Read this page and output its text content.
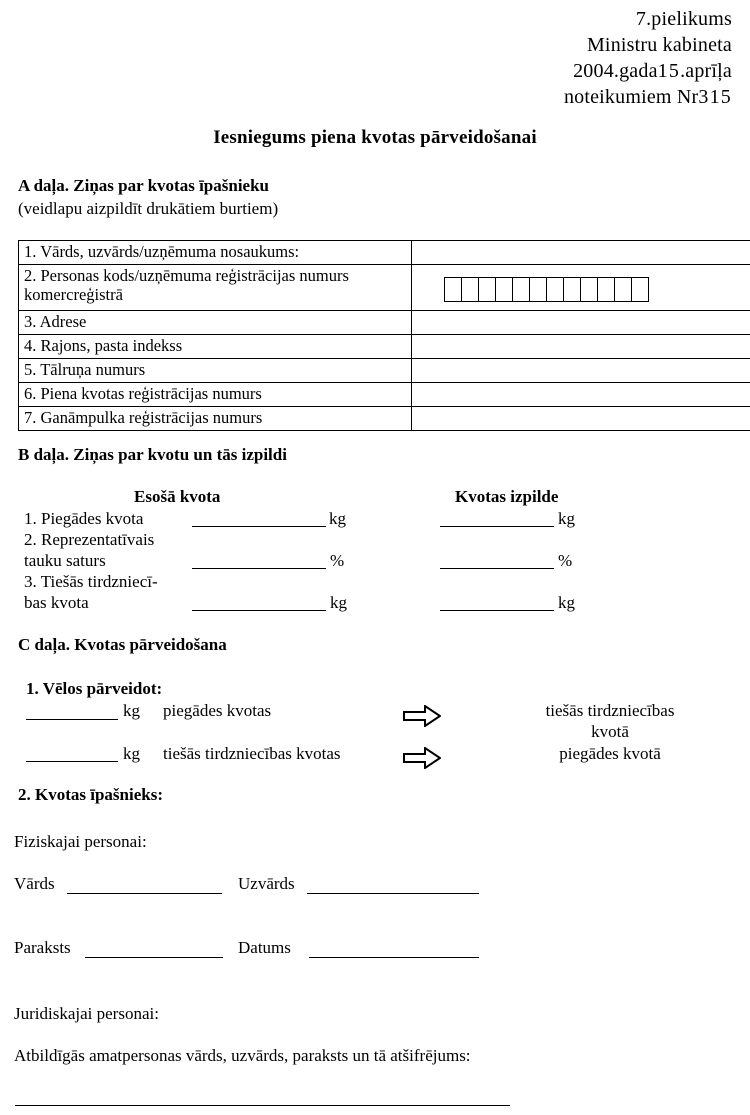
7.pielikums
Ministru kabineta
2004.gada15.aprīļa
noteikumiem Nr315
Iesniegums piena kvotas pārveidošanai
A daļa. Ziņas par kvotas īpašnieku
(veidlapu aizpildīt drukātiem burtiem)
1. Vārds, uzvārds/uzņēmuma nosaukums:	
2. Personas kods/uzņēmuma reģistrācijas numurs komercreģistrā	
3. Adrese	
4. Rajons, pasta indekss	
5. Tālruņa numurs	
6. Piena kvotas reģistrācijas numurs	
7. Ganāmpulka reģistrācijas numurs	
B daļa. Ziņas par kvotu un tās izpildi
Esošā kvota	Kvotas izpilde
1. Piegādes kvota	kg	kg
2. Reprezentatīvais
tauku saturs	%	%
3. Tiešās tirdzniecī-
bas kvota	kg	kg
C daļa. Kvotas pārveidošana
1. Vēlos pārveidot:
kg piegādes kvotas	tiešās tirdzniecības
kvotā
kg tiešās tirdzniecības kvotas	piegādes kvotā
2. Kvotas īpašnieks:
Fiziskajai personai:
Vārds	Uzvārds
Paraksts	Datums
Juridiskajai personai:
Atbildīgās amatpersonas vārds, uzvārds, paraksts un tā atšifrējums:
